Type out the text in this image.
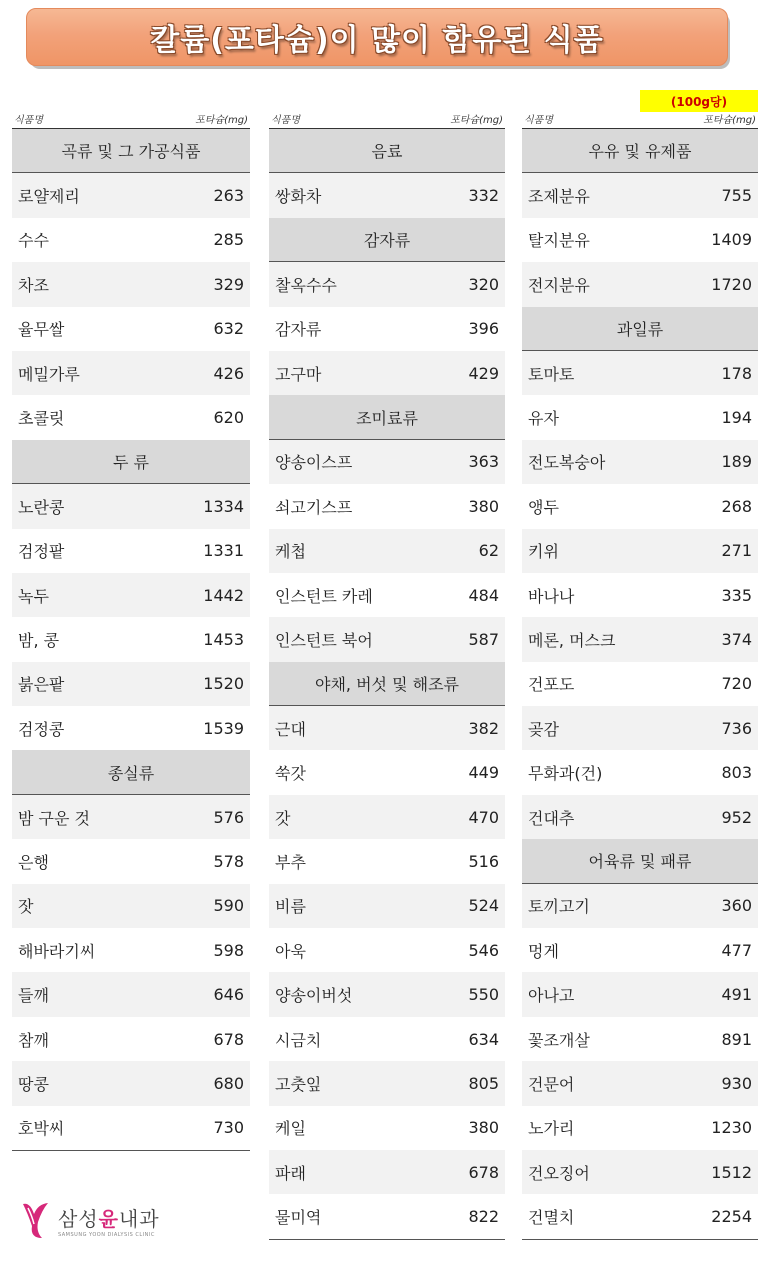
칼륨(포타슘)이 많이 함유된 식품
(100g당)
식품명	포타슘(mg)
곡류 및 그 가공식품
로얄제리	263
수수	285
차조	329
율무쌀	632
메밀가루	426
초콜릿	620
두 류
노란콩	1334
검정팥	1331
녹두	1442
밤, 콩	1453
붉은팥	1520
검정콩	1539
종실류
밤 구운 것	576
은행	578
잣	590
해바라기씨	598
들깨	646
참깨	678
땅콩	680
호박씨	730
식품명	포타슘(mg)
음료
쌍화차	332
감자류
찰옥수수	320
감자류	396
고구마	429
조미료류
양송이스프	363
쇠고기스프	380
케첩	62
인스턴트 카레	484
인스턴트 북어	587
야채, 버섯 및 해조류
근대	382
쑥갓	449
갓	470
부추	516
비름	524
아욱	546
양송이버섯	550
시금치	634
고춧잎	805
케일	380
파래	678
물미역	822
식품명	포타슘(mg)
우유 및 유제품
조제분유	755
탈지분유	1409
전지분유	1720
과일류
토마토	178
유자	194
전도복숭아	189
앵두	268
키위	271
바나나	335
메론, 머스크	374
건포도	720
곶감	736
무화과(건)	803
건대추	952
어육류 및 패류
토끼고기	360
멍게	477
아나고	491
꽃조개살	891
건문어	930
노가리	1230
건오징어	1512
건멸치	2254
삼성윤내과
SAMSUNG YOON DIALYSIS CLINIC
